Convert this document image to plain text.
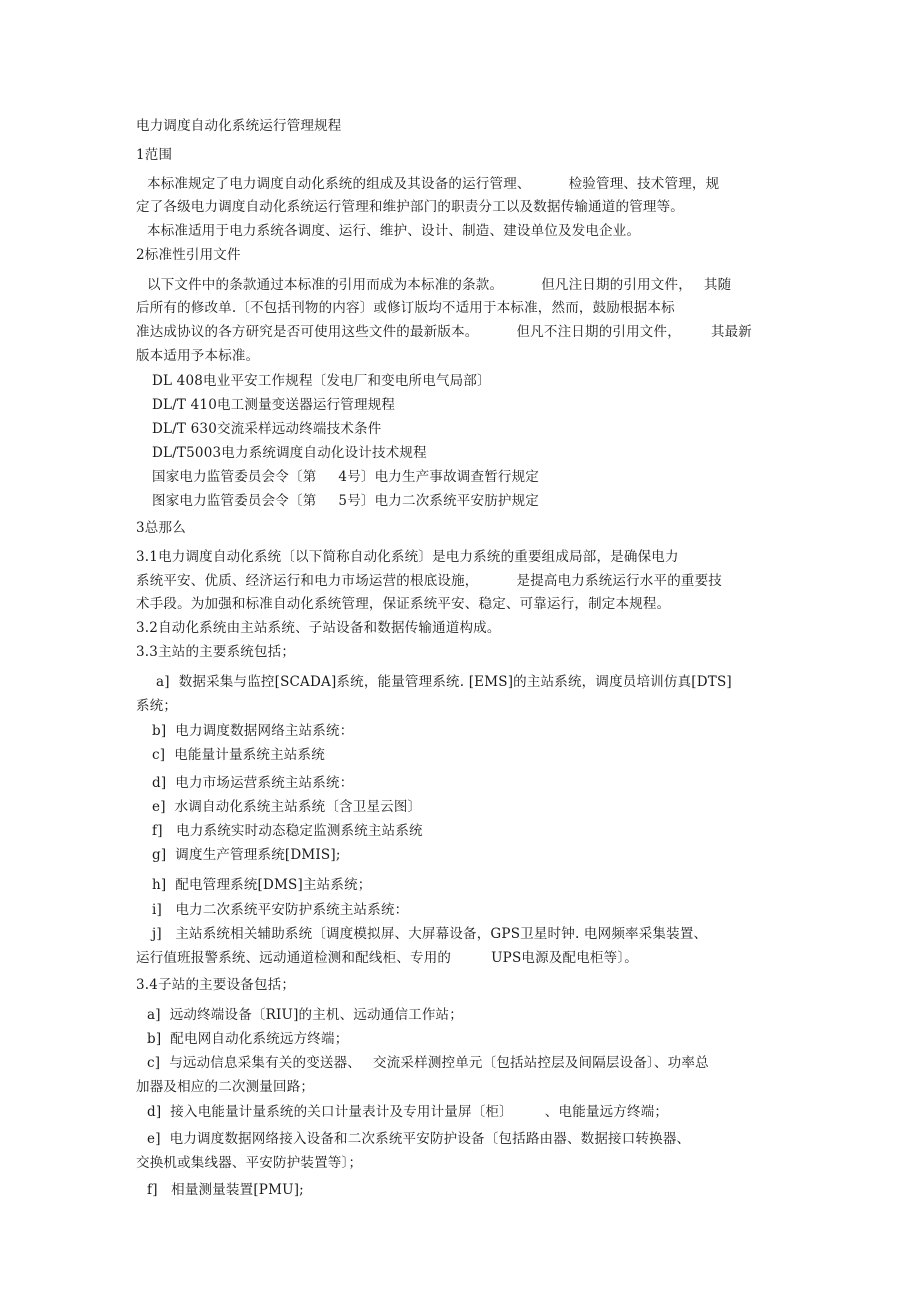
电力调度自动化系统运行管理规程
1范围
本标准规定了电力调度自动化系统的组成及其设备的运行管理、	检验管理、技术管理，规
定了各级电力调度自动化系统运行管理和维护部门的职责分工以及数据传输通道的管理等。
本标准适用于电力系统各调度、运行、维护、设计、制造、建设单位及发电企业。
2标准性引用文件
以下文件中的条款通过本标准的引用而成为本标准的条款。	但凡注日期的引用文件， 其随
后所有的修改单.〔不包括刊物的内容〕或修订版均不适用于本标准，然而，鼓励根据本标
准达成协议的各方研究是否可使用这些文件的最新版本。	但凡不注日期的引用文件， 其最新
版本适用予本标准。
DL 408电业平安工作规程〔发电厂和变电所电气局部〕
DL/T 410电工测量变送器运行管理规程
DL/T 630交流采样远动终端技术条件
DL/T5003电力系统调度自动化设计技术规程
国家电力监管委员会令〔第 4号〕电力生产事故调查暂行规定
图家电力监管委员会令〔第 5号〕电力二次系统平安肪护规定
3总那么
3.1电力调度自动化系统〔以下简称自动化系统〕是电力系统的重要组成局部，是确保电力
系统平安、优质、经济运行和电力市场运营的根底设施，	是提高电力系统运行水平的重要技
术手段。为加强和标准自动化系统管理，保证系统平安、稳定、可靠运行，制定本规程。
3.2自动化系统由主站系统、子站设备和数据传输通道构成。
3.3主站的主要系统包括；
a]  数据采集与监控[SCADA]系统，能量管理系统. [EMS]的主站系统，调度员培训仿真[DTS]
系统；
b]  电力调度数据网络主站系统：
c]  电能量计量系统主站系统
d]  电力市场运营系统主站系统：
e]  水调自动化系统主站系统〔含卫星云图〕
f]   电力系统实时动态稳定监测系统主站系统
g]  调度生产管理系统[DMIS];
h]  配电管理系统[DMS]主站系统；
i]   电力二次系统平安防护系统主站系统：
j]   主站系统相关辅助系统〔调度模拟屏、大屏幕设备，GPS卫星时钟. 电网频率采集装置、
运行值班报警系统、远动通道检测和配线柜、专用的	UPS电源及配电柜等〕。
3.4子站的主要设备包括；
a]  远动终端设备〔RIU]的主机、远动通信工作站；
b]  配电网自动化系统远方终端；
c]  与远动信息采集有关的变送器、 交流采样测控单元〔包括站控层及间隔层设备〕、功率总
加器及相应的二次测量回路；
d]  接入电能量计量系统的关口计量表计及专用计量屏〔柜〕 、电能量远方终端；
e]  电力调度数据网络接入设备和二次系统平安防护设备〔包括路由器、数据接口转换器、
交换机或集线器、平安防护装置等〕；
f]   相量测量装置[PMU];
